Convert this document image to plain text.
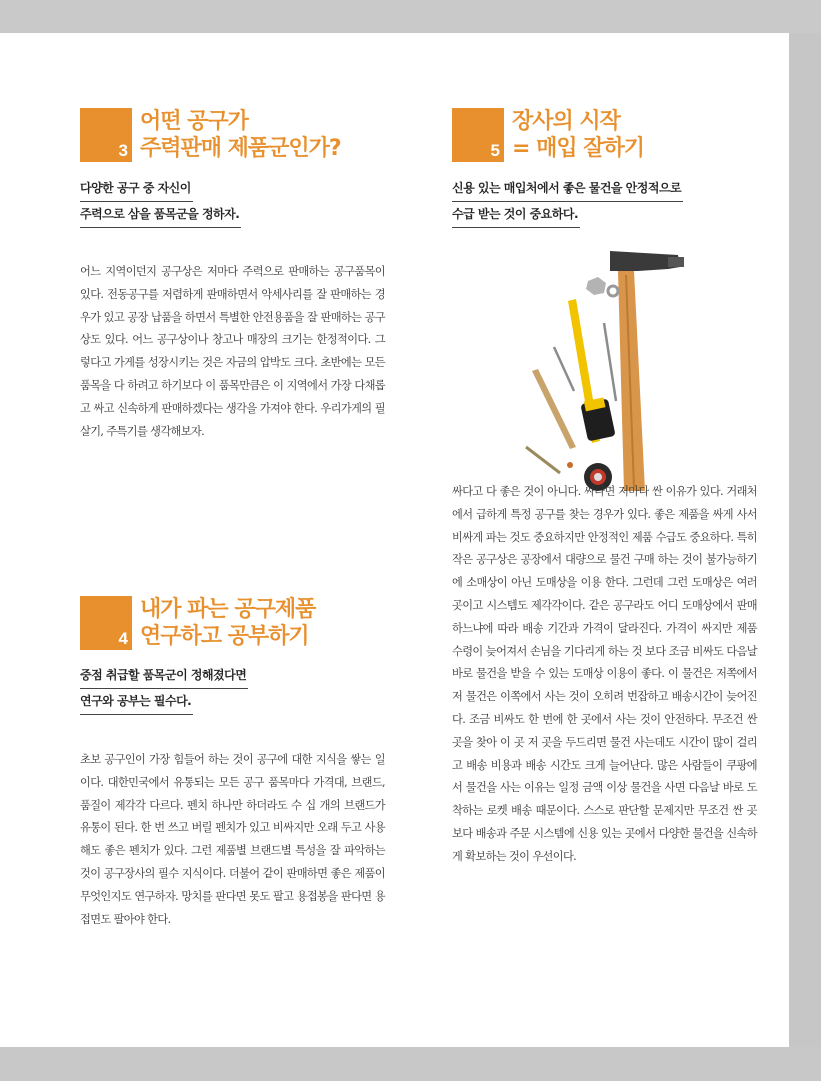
3
어떤 공구가
주력판매 제품군인가?
다양한 공구 중 자신이
주력으로 삼을 품목군을 정하자.
어느 지역이던지 공구상은 저마다 주력으로 판매하는 공구품목이 있다. 전동공구를 저렴하게 판매하면서 악세사리를 잘 판매하는 경우가 있고 공장 납품을 하면서 특별한 안전용품을 잘 판매하는 공구상도 있다. 어느 공구상이나 창고나 매장의 크기는 한정적이다. 그렇다고 가게를 성장시키는 것은 자금의 압박도 크다. 초반에는 모든 품목을 다 하려고 하기보다 이 품목만큼은 이 지역에서 가장 다채롭고 싸고 신속하게 판매하겠다는 생각을 가져야 한다. 우리가게의 필살기, 주특기를 생각해보자.
4
내가 파는 공구제품
연구하고 공부하기
중점 취급할 품목군이 정해졌다면
연구와 공부는 필수다.
초보 공구인이 가장 힘들어 하는 것이 공구에 대한 지식을 쌓는 일이다. 대한민국에서 유통되는 모든 공구 품목마다 가격대, 브랜드, 품질이 제각각 다르다. 펜치 하나만 하더라도 수 십 개의 브랜드가 유통이 된다. 한 번 쓰고 버릴 펜치가 있고 비싸지만 오래 두고 사용해도 좋은 펜치가 있다. 그런 제품별 브랜드별 특성을 잘 파악하는 것이 공구장사의 필수 지식이다. 더불어 같이 판매하면 좋은 제품이 무엇인지도 연구하자. 망치를 판다면 못도 팔고 용접봉을 판다면 용접면도 팔아야 한다.
5
장사의 시작
= 매입 잘하기
신용 있는 매입처에서 좋은 물건을 안정적으로
수급 받는 것이 중요하다.
싸다고 다 좋은 것이 아니다. 싸다면 저마다 싼 이유가 있다. 거래처에서 급하게 특정 공구를 찾는 경우가 있다. 좋은 제품을 싸게 사서 비싸게 파는 것도 중요하지만 안정적인 제품 수급도 중요하다. 특히 작은 공구상은 공장에서 대량으로 물건 구매 하는 것이 불가능하기에 소매상이 아닌 도매상을 이용 한다. 그런데 그런 도매상은 여러 곳이고 시스템도 제각각이다. 같은 공구라도 어디 도매상에서 판매하느냐에 따라 배송 기간과 가격이 달라진다. 가격이 싸지만 제품 수령이 늦어져서 손님을 기다리게 하는 것 보다 조금 비싸도 다음날 바로 물건을 받을 수 있는 도매상 이용이 좋다. 이 물건은 저쪽에서 저 물건은 이쪽에서 사는 것이 오히려 번잡하고 배송시간이 늦어진다. 조금 비싸도 한 번에 한 곳에서 사는 것이 안전하다. 무조건 싼 곳을 찾아 이 곳 저 곳을 두드리면 물건 사는데도 시간이 많이 걸리고 배송 비용과 배송 시간도 크게 늘어난다. 많은 사람들이 쿠팡에서 물건을 사는 이유는 일정 금액 이상 물건을 사면 다음날 바로 도착하는 로켓 배송 때문이다. 스스로 판단할 문제지만 무조건 싼 곳보다 배송과 주문 시스템에 신용 있는 곳에서 다양한 물건을 신속하게 확보하는 것이 우선이다.
